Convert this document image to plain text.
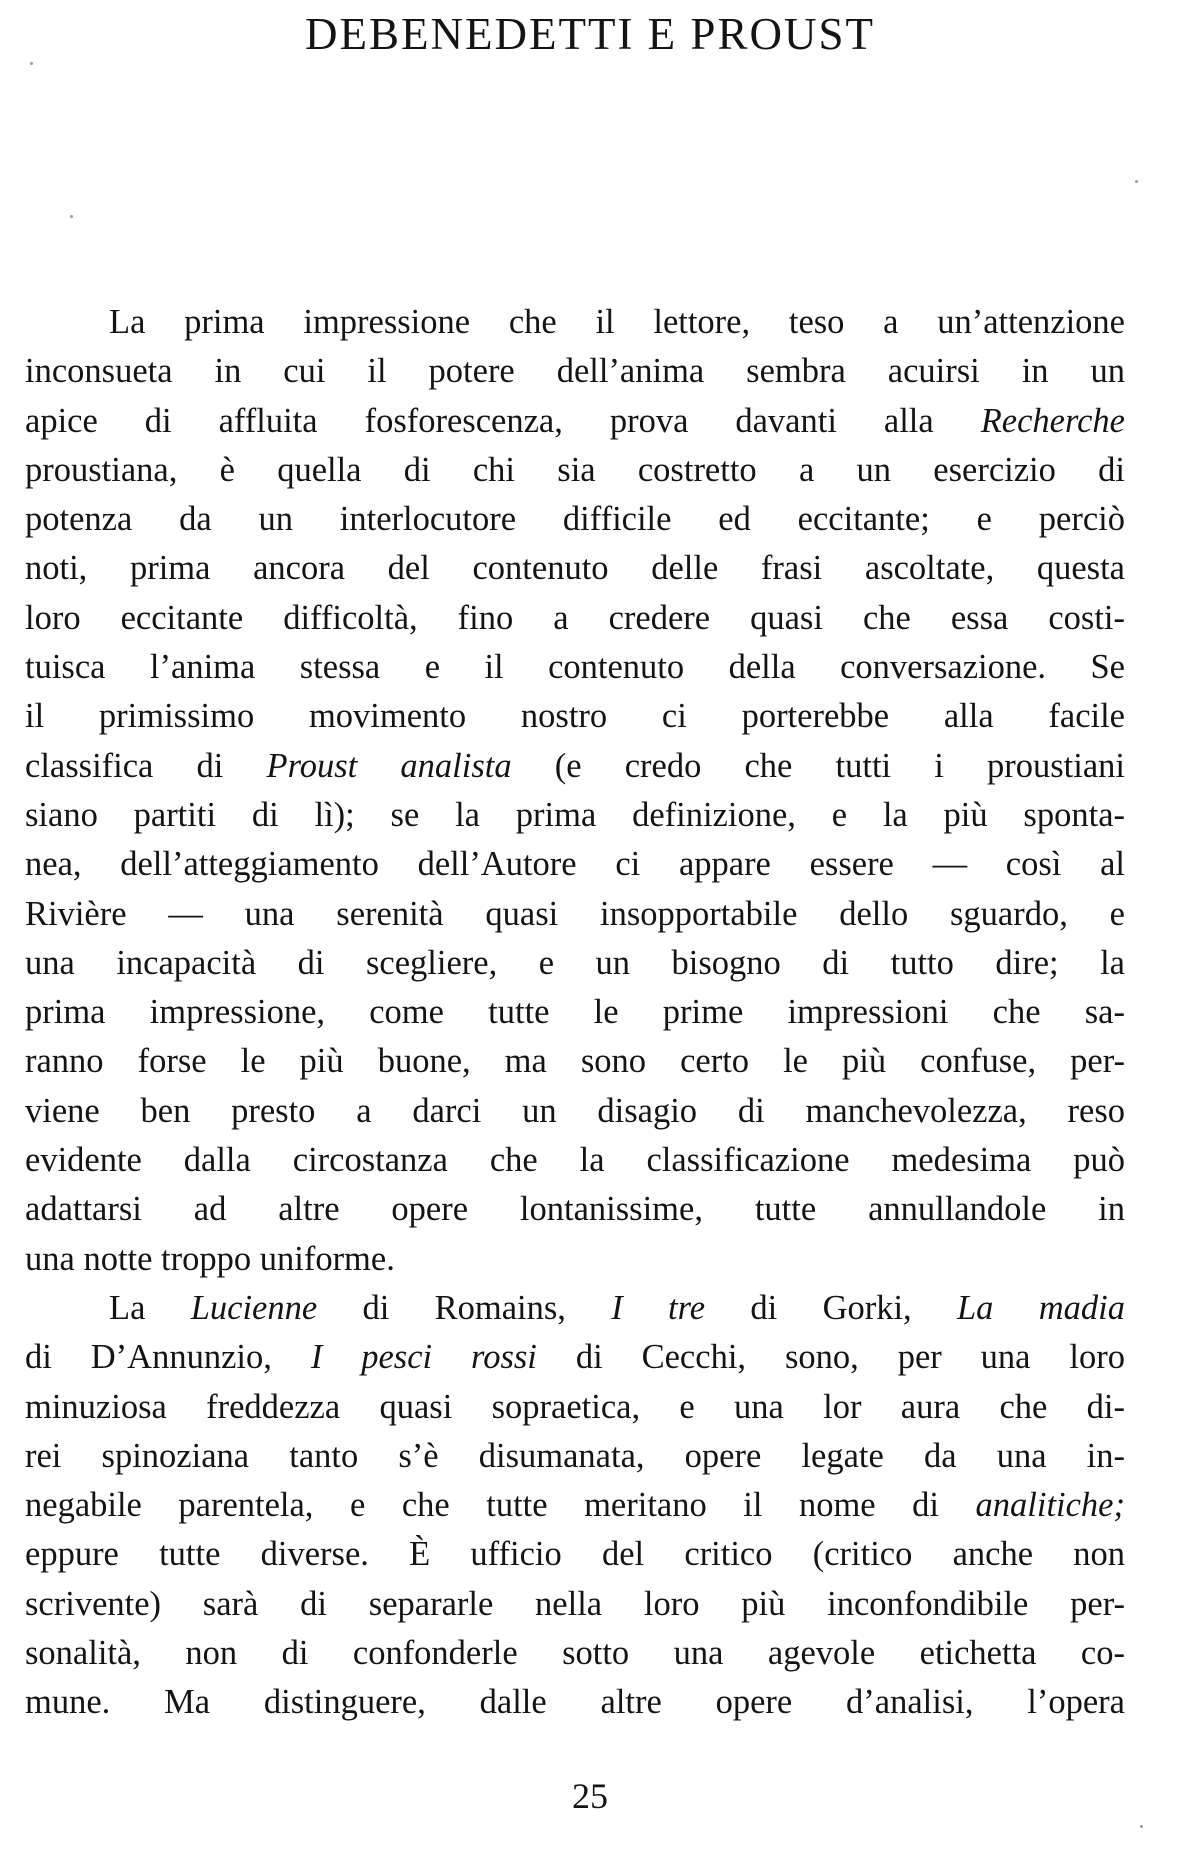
DEBENEDETTI E PROUST
La prima impressione che il lettore, teso a un’attenzione
inconsueta in cui il potere dell’anima sembra acuirsi in un
apice di affluita fosforescenza, prova davanti alla Recherche
proustiana, è quella di chi sia costretto a un esercizio di
potenza da un interlocutore difficile ed eccitante; e perciò
noti, prima ancora del contenuto delle frasi ascoltate, questa
loro eccitante difficoltà, fino a credere quasi che essa costi-
tuisca l’anima stessa e il contenuto della conversazione. Se
il primissimo movimento nostro ci porterebbe alla facile
classifica di Proust analista (e credo che tutti i proustiani
siano partiti di lì); se la prima definizione, e la più sponta-
nea, dell’atteggiamento dell’Autore ci appare essere — così al
Rivière — una serenità quasi insopportabile dello sguardo, e
una incapacità di scegliere, e un bisogno di tutto dire; la
prima impressione, come tutte le prime impressioni che sa-
ranno forse le più buone, ma sono certo le più confuse, per-
viene ben presto a darci un disagio di manchevolezza, reso
evidente dalla circostanza che la classificazione medesima può
adattarsi ad altre opere lontanissime, tutte annullandole in
una notte troppo uniforme.
La Lucienne di Romains, I tre di Gorki, La madia
di D’Annunzio, I pesci rossi di Cecchi, sono, per una loro
minuziosa freddezza quasi sopraetica, e una lor aura che di-
rei spinoziana tanto s’è disumanata, opere legate da una in-
negabile parentela, e che tutte meritano il nome di analitiche;
eppure tutte diverse. È ufficio del critico (critico anche non
scrivente) sarà di separarle nella loro più inconfondibile per-
sonalità, non di confonderle sotto una agevole etichetta co-
mune. Ma distinguere, dalle altre opere d’analisi, l’opera
25
